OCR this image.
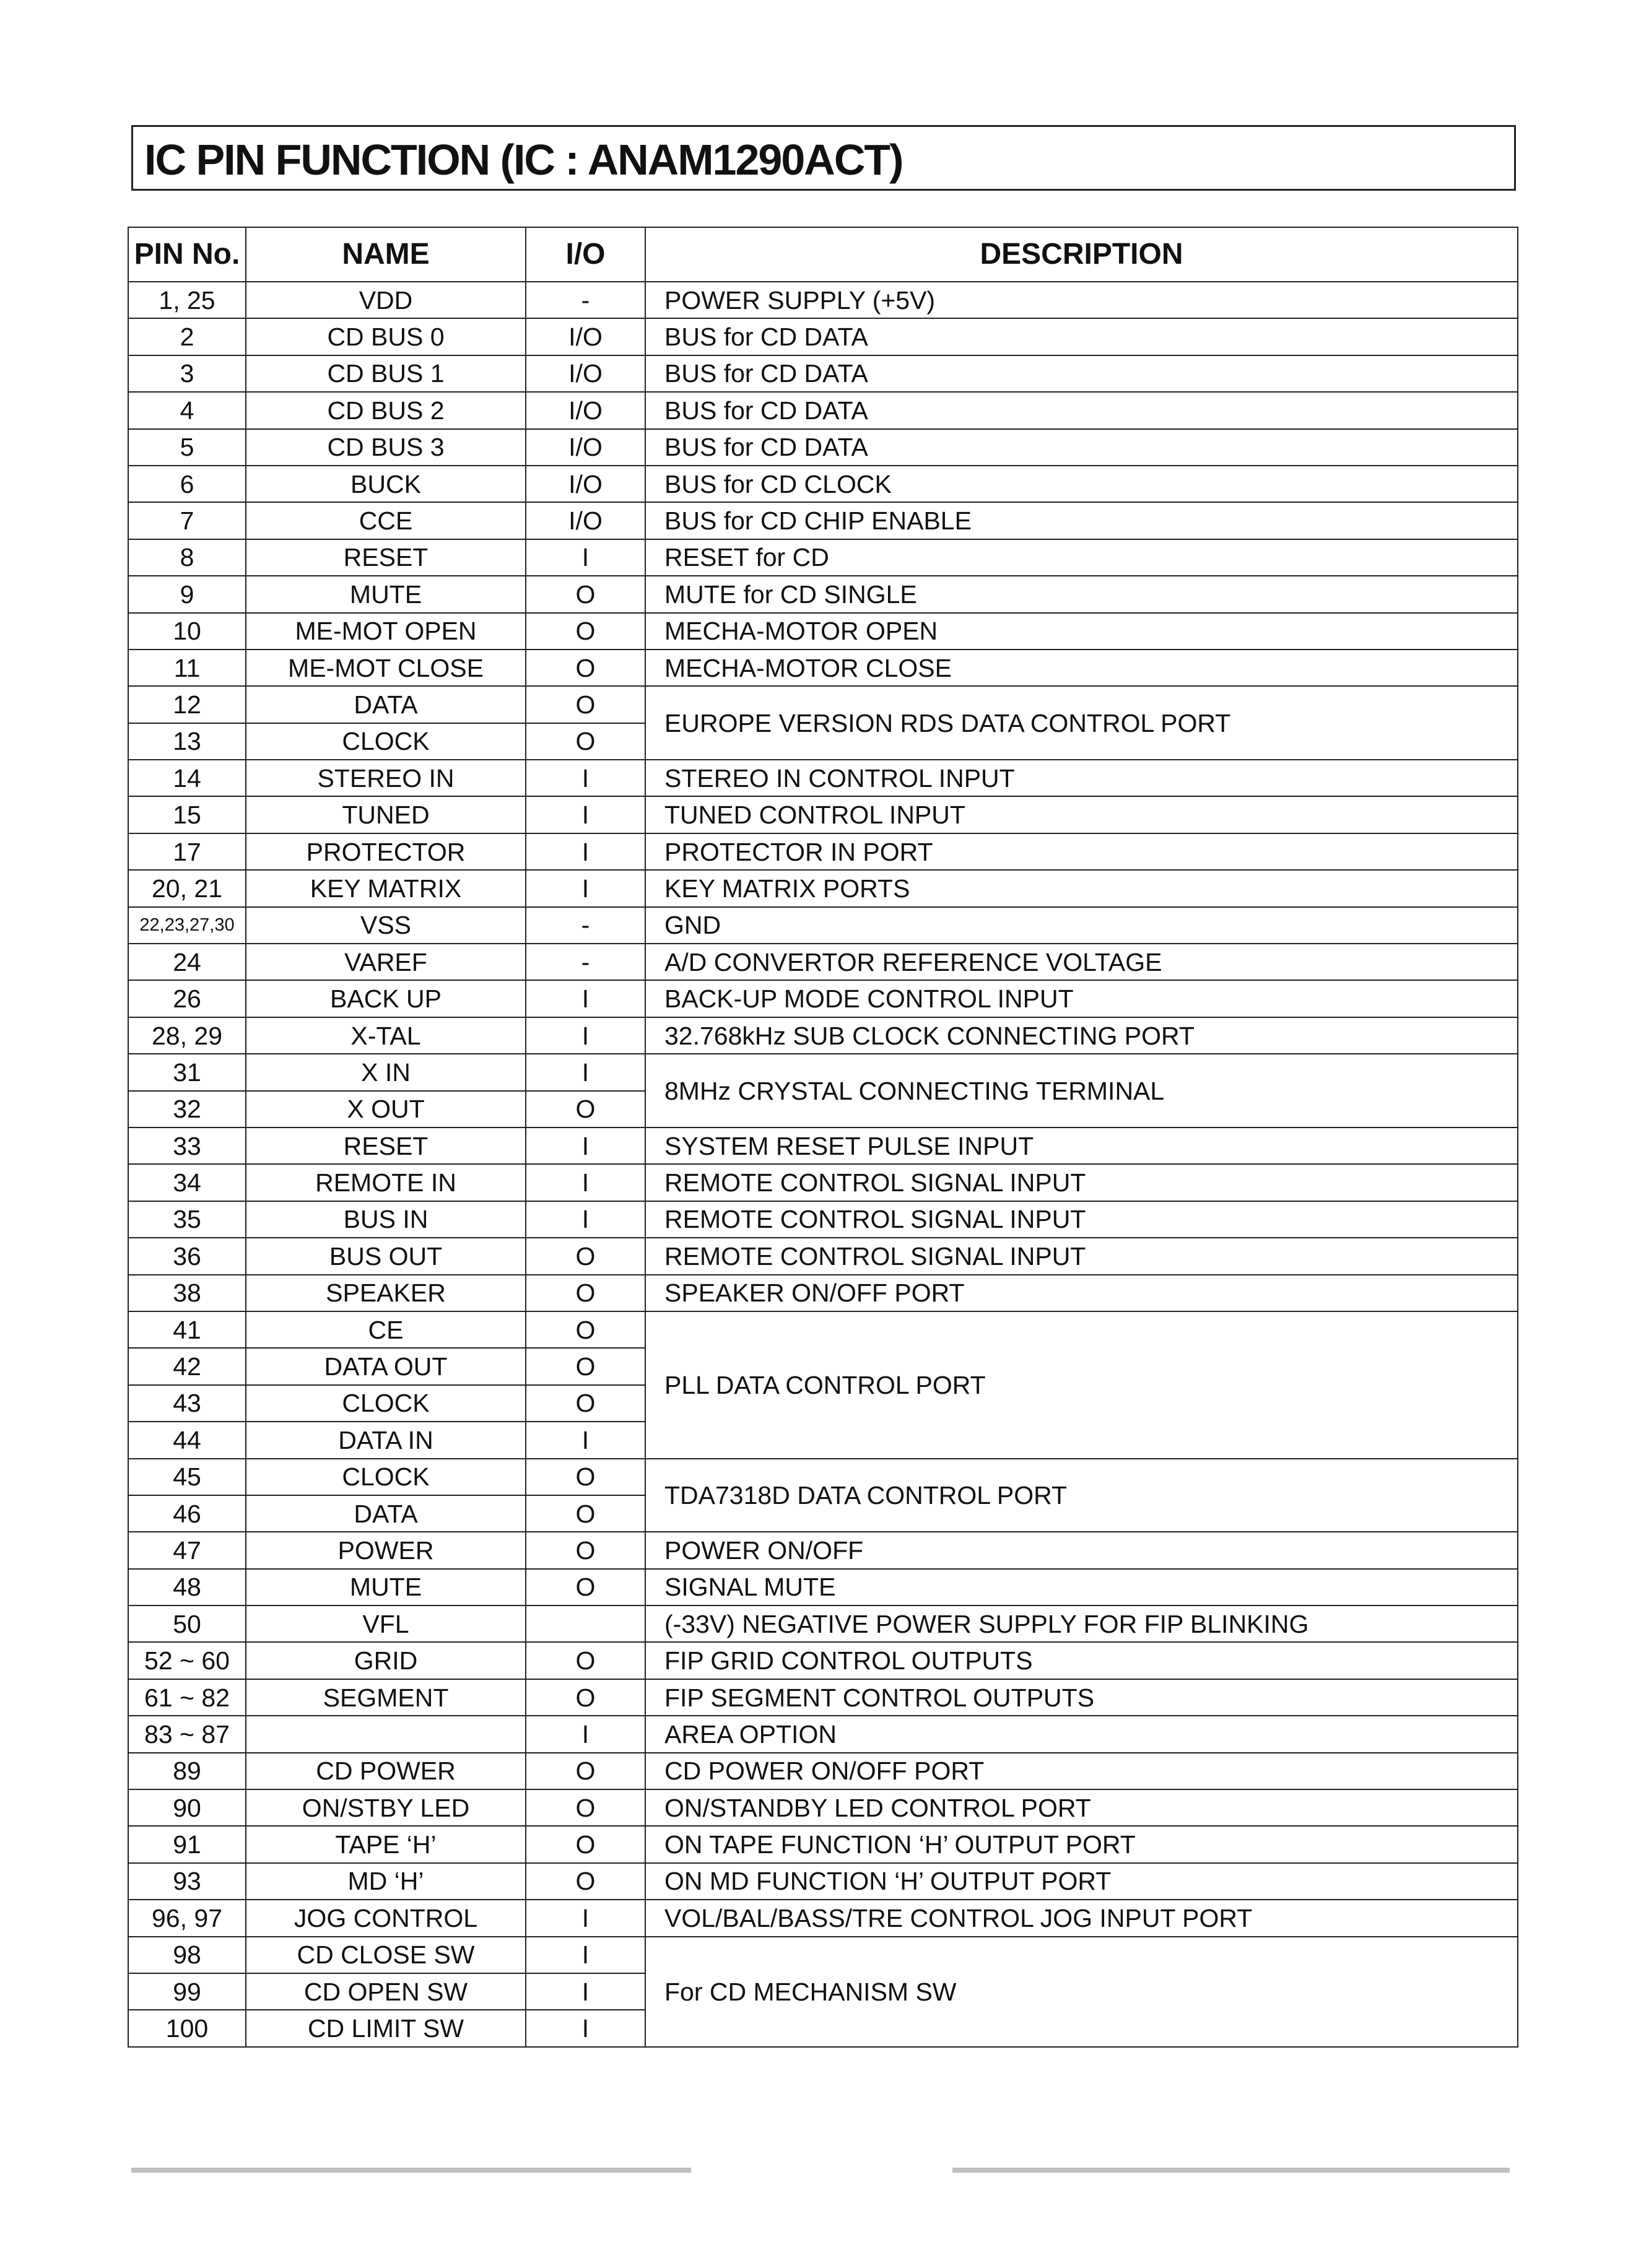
IC PIN FUNCTION (IC : ANAM1290ACT)
PIN No.	NAME	I/O	DESCRIPTION
1, 25	VDD	-	POWER SUPPLY (+5V)
2	CD BUS 0	I/O	BUS for CD DATA
3	CD BUS 1	I/O	BUS for CD DATA
4	CD BUS 2	I/O	BUS for CD DATA
5	CD BUS 3	I/O	BUS for CD DATA
6	BUCK	I/O	BUS for CD CLOCK
7	CCE	I/O	BUS for CD CHIP ENABLE
8	RESET	I	RESET for CD
9	MUTE	O	MUTE for CD SINGLE
10	ME-MOT OPEN	O	MECHA-MOTOR OPEN
11	ME-MOT CLOSE	O	MECHA-MOTOR CLOSE
12	DATA	O	EUROPE VERSION RDS DATA CONTROL PORT
13	CLOCK	O	
14	STEREO IN	I	STEREO IN CONTROL INPUT
15	TUNED	I	TUNED CONTROL INPUT
17	PROTECTOR	I	PROTECTOR IN PORT
20, 21	KEY MATRIX	I	KEY MATRIX PORTS
22,23,27,30	VSS	-	GND
24	VAREF	-	A/D CONVERTOR REFERENCE VOLTAGE
26	BACK UP	I	BACK-UP MODE CONTROL INPUT
28, 29	X-TAL	I	32.768kHz SUB CLOCK CONNECTING PORT
31	X IN	I	8MHz CRYSTAL CONNECTING TERMINAL
32	X OUT	O	
33	RESET	I	SYSTEM RESET PULSE INPUT
34	REMOTE IN	I	REMOTE CONTROL SIGNAL INPUT
35	BUS IN	I	REMOTE CONTROL SIGNAL INPUT
36	BUS OUT	O	REMOTE CONTROL SIGNAL INPUT
38	SPEAKER	O	SPEAKER ON/OFF PORT
41	CE	O	PLL DATA CONTROL PORT
42	DATA OUT	O	
43	CLOCK	O	
44	DATA IN	I	
45	CLOCK	O	TDA7318D DATA CONTROL PORT
46	DATA	O	
47	POWER	O	POWER ON/OFF
48	MUTE	O	SIGNAL MUTE
50	VFL		(-33V) NEGATIVE POWER SUPPLY FOR FIP BLINKING
52 ~ 60	GRID	O	FIP GRID CONTROL OUTPUTS
61 ~ 82	SEGMENT	O	FIP SEGMENT CONTROL OUTPUTS
83 ~ 87		I	AREA OPTION
89	CD POWER	O	CD POWER ON/OFF PORT
90	ON/STBY LED	O	ON/STANDBY LED CONTROL PORT
91	TAPE ‘H’	O	ON TAPE FUNCTION ‘H’ OUTPUT PORT
93	MD ‘H’	O	ON MD FUNCTION ‘H’ OUTPUT PORT
96, 97	JOG CONTROL	I	VOL/BAL/BASS/TRE CONTROL JOG INPUT PORT
98	CD CLOSE SW	I	For CD MECHANISM SW
99	CD OPEN SW	I	
100	CD LIMIT SW	I	
